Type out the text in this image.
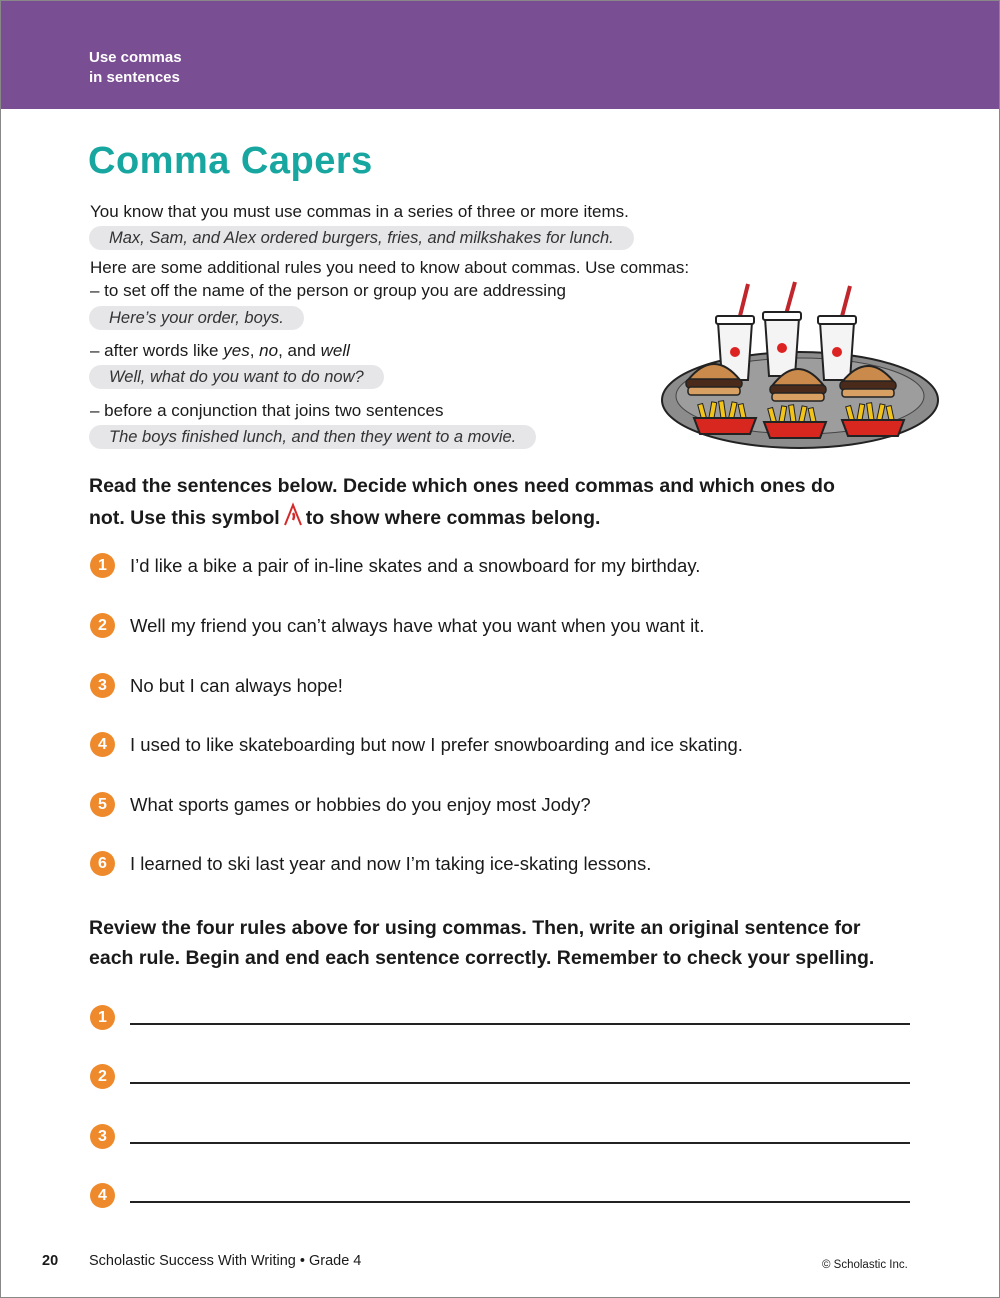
Use commas
in sentences
Comma Capers
You know that you must use commas in a series of three or more items.
Max, Sam, and Alex ordered burgers, fries, and milkshakes for lunch.
Here are some additional rules you need to know about commas. Use commas:
– to set off the name of the person or group you are addressing
Here’s your order, boys.
– after words like yes, no, and well
Well, what do you want to do now?
– before a conjunction that joins two sentences
The boys finished lunch, and then they went to a movie.
Read the sentences below. Decide which ones need commas and which ones do
not. Use this symbol to show where commas belong.
1	I’d like a bike a pair of in-line skates and a snowboard for my birthday.
2	Well my friend you can’t always have what you want when you want it.
3	No but I can always hope!
4	I used to like skateboarding but now I prefer snowboarding and ice skating.
5	What sports games or hobbies do you enjoy most Jody?
6	I learned to ski last year and now I’m taking ice-skating lessons.
Review the four rules above for using commas. Then, write an original sentence for
each rule. Begin and end each sentence correctly. Remember to check your spelling.
1
2
3
4
20 Scholastic Success With Writing • Grade 4	© Scholastic Inc.
